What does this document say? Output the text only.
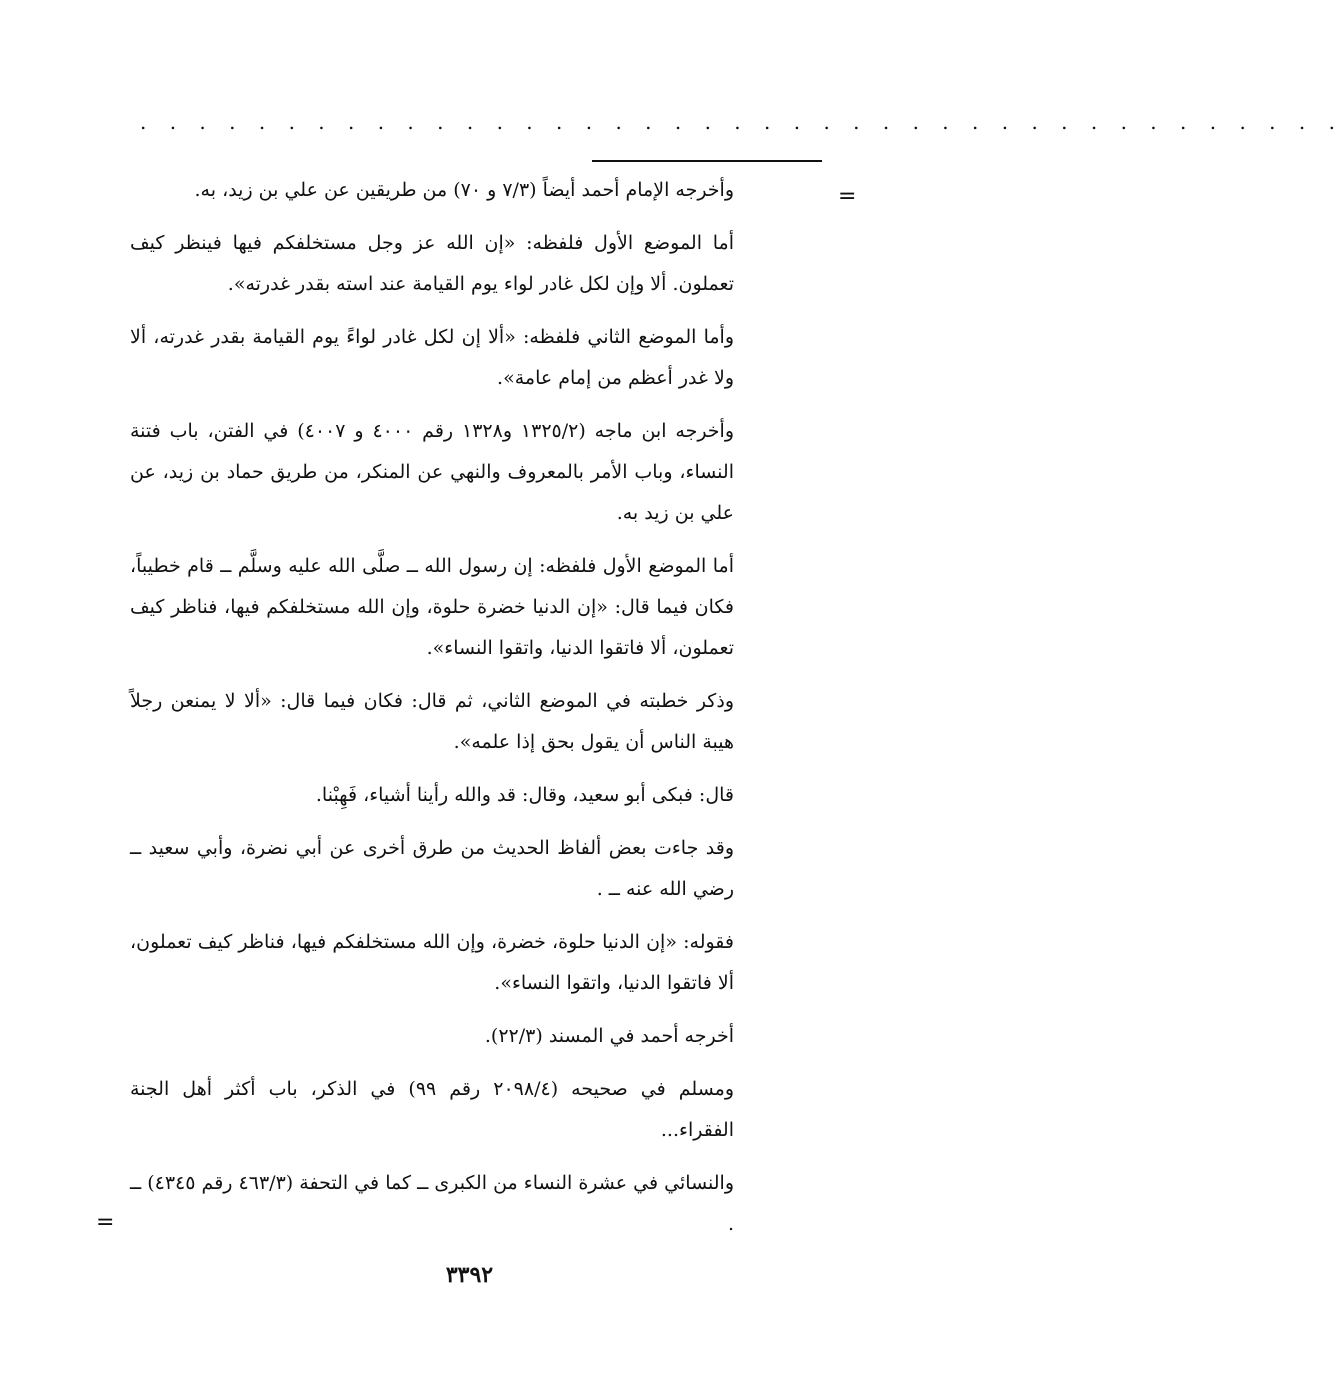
. . . . . . . . . . . . . . . . . . . . . . . . . . . . . . . . . . . . . . . . .
=
=

وأخرجه الإمام أحمد أيضاً (٧/٣ و ٧٠) من طريقين عن علي بن زيد، به.

أما الموضع الأول فلفظه: «إن الله عز وجل مستخلفكم فيها فينظر كيف تعملون. ألا وإن لكل غادر لواء يوم القيامة عند استه بقدر غدرته».

وأما الموضع الثاني فلفظه: «ألا إن لكل غادر لواءً يوم القيامة بقدر غدرته، ألا ولا غدر أعظم من إمام عامة».

وأخرجه ابن ماجه (١٣٢٥/٢ و١٣٢٨ رقم ٤٠٠٠ و ٤٠٠٧) في الفتن، باب فتنة النساء، وباب الأمر بالمعروف والنهي عن المنكر، من طريق حماد بن زيد، عن علي بن زيد به.

أما الموضع الأول فلفظه: إن رسول الله ــ صلَّى الله عليه وسلَّم ــ قام خطيباً، فكان فيما قال: «إن الدنيا خضرة حلوة، وإن الله مستخلفكم فيها، فناظر كيف تعملون، ألا فاتقوا الدنيا، واتقوا النساء».

وذكر خطبته في الموضع الثاني، ثم قال: فكان فيما قال: «ألا لا يمنعن رجلاً هيبة الناس أن يقول بحق إذا علمه».

قال: فبكى أبو سعيد، وقال: قد والله رأينا أشياء، فَهِبْنا.

وقد جاءت بعض ألفاظ الحديث من طرق أخرى عن أبي نضرة، وأبي سعيد ــ رضي الله عنه ــ .

فقوله: «إن الدنيا حلوة، خضرة، وإن الله مستخلفكم فيها، فناظر كيف تعملون، ألا فاتقوا الدنيا، واتقوا النساء».

أخرجه أحمد في المسند (٢٢/٣).

ومسلم في صحيحه (٢٠٩٨/٤ رقم ٩٩) في الذكر، باب أكثر أهل الجنة الفقراء...

والنسائي في عشرة النساء من الكبرى ــ كما في التحفة (٤٦٣/٣ رقم ٤٣٤٥) ــ .

٣٣٩٢
